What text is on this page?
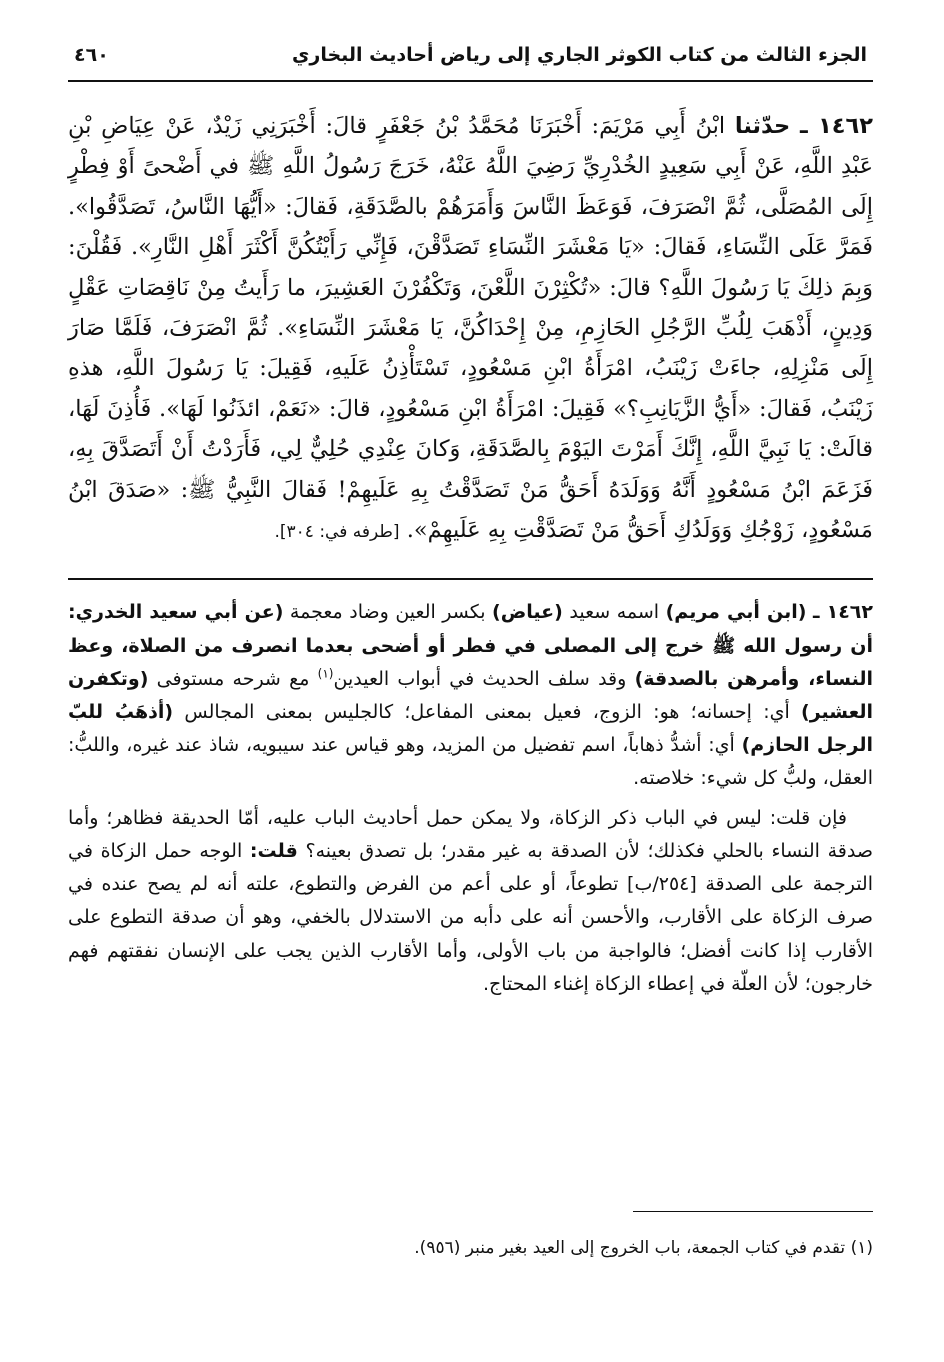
الجزء الثالث من كتاب الكوثر الجاري إلى رياض أحاديث البخاري
٤٦٠
١٤٦٢ ـ حدّثنا ابْنُ أَبِي مَرْيَمَ: أَخْبَرَنَا مُحَمَّدُ بْنُ جَعْفَرٍ قالَ: أَخْبَرَنِي زَيْدٌ، عَنْ عِيَاضِ بْنِ عَبْدِ اللَّهِ، عَنْ أَبِي سَعِيدٍ الخُدْرِيِّ رَضِيَ اللَّهُ عَنْهُ، خَرَجَ رَسُولُ اللَّهِ ﷺ في أَضْحىً أَوْ فِطْرٍ إِلَى المُصَلَّى، ثُمَّ انْصَرَفَ، فَوَعَظَ النَّاسَ وَأَمَرَهُمْ بالصَّدَقَةِ، فَقالَ: «أَيُّهَا النَّاسُ، تَصَدَّقُوا». فَمَرَّ عَلَى النِّسَاءِ، فَقالَ: «يَا مَعْشَرَ النِّسَاءِ تَصَدَّقْنَ، فَإِنِّي رَأَيْتُكُنَّ أَكْثَرَ أَهْلِ النَّارِ». فَقُلْنَ: وَبِمَ ذلِكَ يَا رَسُولَ اللَّهِ؟ قالَ: «تُكْثِرْنَ اللَّعْنَ، وَتَكْفُرْنَ العَشِيرَ، ما رَأَيتُ مِنْ نَاقِصَاتِ عَقْلٍ وَدِينٍ، أَذْهَبَ لِلُبِّ الرَّجُلِ الحَازِمِ، مِنْ إِحْدَاكُنَّ، يَا مَعْشَرَ النِّسَاءِ». ثُمَّ انْصَرَفَ، فَلَمَّا صَارَ إِلَى مَنْزِلِهِ، جاءَتْ زَيْنَبُ، امْرَأَةُ ابْنِ مَسْعُودٍ، تَسْتَأْذِنُ عَلَيهِ، فَقِيلَ: يَا رَسُولَ اللَّهِ، هذهِ زَيْنَبُ، فَقالَ: «أَيُّ الزَّيَانِبِ؟» فَقِيلَ: امْرَأَةُ ابْنِ مَسْعُودٍ، قالَ: «نَعَمْ، ائذَنُوا لَهَا». فَأُذِنَ لَهَا، قالَتْ: يَا نَبِيَّ اللَّهِ، إِنَّكَ أَمَرْتَ اليَوْمَ بِالصَّدَقَةِ، وَكانَ عِنْدِي حُلِيٌّ لِي، فَأَرَدْتُ أَنْ أَتَصَدَّقَ بِهِ، فَزَعَمَ ابْنُ مَسْعُودٍ أَنَّهُ وَوَلَدَهُ أَحَقُّ مَنْ تَصَدَّقْتُ بِهِ عَلَيهِمْ! فَقالَ النَّبِيُّ ﷺ: «صَدَقَ ابْنُ مَسْعُودٍ، زَوْجُكِ وَوَلَدُكِ أَحَقُّ مَنْ تَصَدَّقْتِ بِهِ عَلَيهِمْ». [طرفه في: ٣٠٤].

١٤٦٢ ـ (ابن أبي مريم) اسمه سعيد (عياض) بكسر العين وضاد معجمة (عن أبي سعيد الخدري: أن رسول الله ﷺ خرج إلى المصلى في فطر أو أضحى بعدما انصرف من الصلاة، وعظ النساء، وأمرهن بالصدقة) وقد سلف الحديث في أبواب العيدين$^{(١)}$ مع شرحه مستوفى (وتكفرن العشير) أي: إحسانه؛ هو: الزوج، فعيل بمعنى المفاعل؛ كالجليس بمعنى المجالس (أذهَبُ للبّ الرجل الحازم) أي: أشدُّ ذهاباً، اسم تفضيل من المزيد، وهو قياس عند سيبويه، شاذ عند غيره، واللبُّ: العقل، ولبُّ كل شيء: خلاصته.

فإن قلت: ليس في الباب ذكر الزكاة، ولا يمكن حمل أحاديث الباب عليه، أمّا الحديقة فظاهر؛ وأما صدقة النساء بالحلي فكذلك؛ لأن الصدقة به غير مقدر؛ بل تصدق بعينه؟ قلت: الوجه حمل الزكاة في الترجمة على الصدقة [٢٥٤/ب] تطوعاً، أو على أعم من الفرض والتطوع، علته أنه لم يصح عنده في صرف الزكاة على الأقارب، والأحسن أنه على دأبه من الاستدلال بالخفي، وهو أن صدقة التطوع على الأقارب إذا كانت أفضل؛ فالواجبة من باب الأولى، وأما الأقارب الذين يجب على الإنسان نفقتهم فهم خارجون؛ لأن العلّة في إعطاء الزكاة إغناء المحتاج.

(١) تقدم في كتاب الجمعة، باب الخروج إلى العيد بغير منبر (٩٥٦).
